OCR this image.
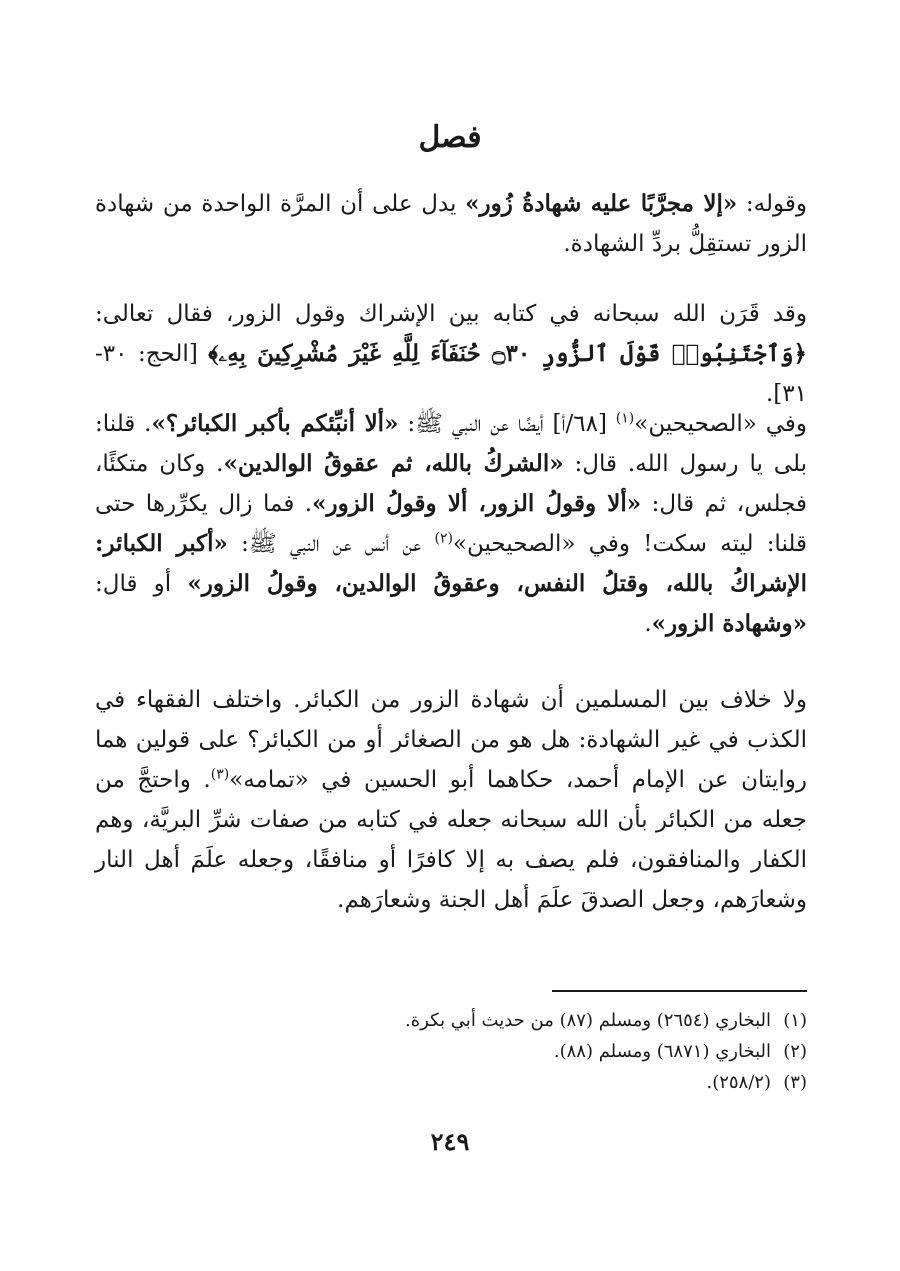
فصل

وقوله: «إلا مجرَّبًا عليه شهادةُ زُور» يدل على أن المرَّة الواحدة من شهادة الزور تستقِلُّ بردِّ الشهادة.

وقد قَرَن الله سبحانه في كتابه بين الإشراك وقول الزور، فقال تعالى: ﴿وَٱجْتَنِبُوا۟ قَوْلَ ٱلزُّورِ ۝٣٠ حُنَفَآءَ لِلَّهِ غَيْرَ مُشْرِكِينَ بِهِۦ﴾ [الحج: ٣٠- ٣١].

وفي «الصحيحين»$^{(١)}$ [٦٨/أ] أيضًا عن النبي ﷺ: «ألا أنبِّئكم بأكبر الكبائر؟». قلنا: بلى يا رسول الله. قال: «الشركُ بالله، ثم عقوقُ الوالدين». وكان متكئًا، فجلس، ثم قال: «ألا وقولُ الزور، ألا وقولُ الزور». فما زال يكرِّرها حتى قلنا: ليته سكت! وفي «الصحيحين»$^{(٢)}$ عن أنس عن النبي ﷺ: «أكبر الكبائر: الإشراكُ بالله، وقتلُ النفس، وعقوقُ الوالدين، وقولُ الزور» أو قال: «وشهادة الزور».

ولا خلاف بين المسلمين أن شهادة الزور من الكبائر. واختلف الفقهاء في الكذب في غير الشهادة: هل هو من الصغائر أو من الكبائر؟ على قولين هما روايتان عن الإمام أحمد، حكاهما أبو الحسين في «تمامه»$^{(٣)}$. واحتجَّ من جعله من الكبائر بأن الله سبحانه جعله في كتابه من صفات شرِّ البريَّة، وهم الكفار والمنافقون، فلم يصف به إلا كافرًا أو منافقًا، وجعله علَمَ أهل النار وشعارَهم، وجعل الصدقَ علَمَ أهل الجنة وشعارَهم.

(١)البخاري (٢٦٥٤) ومسلم (٨٧) من حديث أبي بكرة.
(٢)البخاري (٦٨٧١) ومسلم (٨٨).
(٣)(٢٥٨/٢).
٢٤٩
